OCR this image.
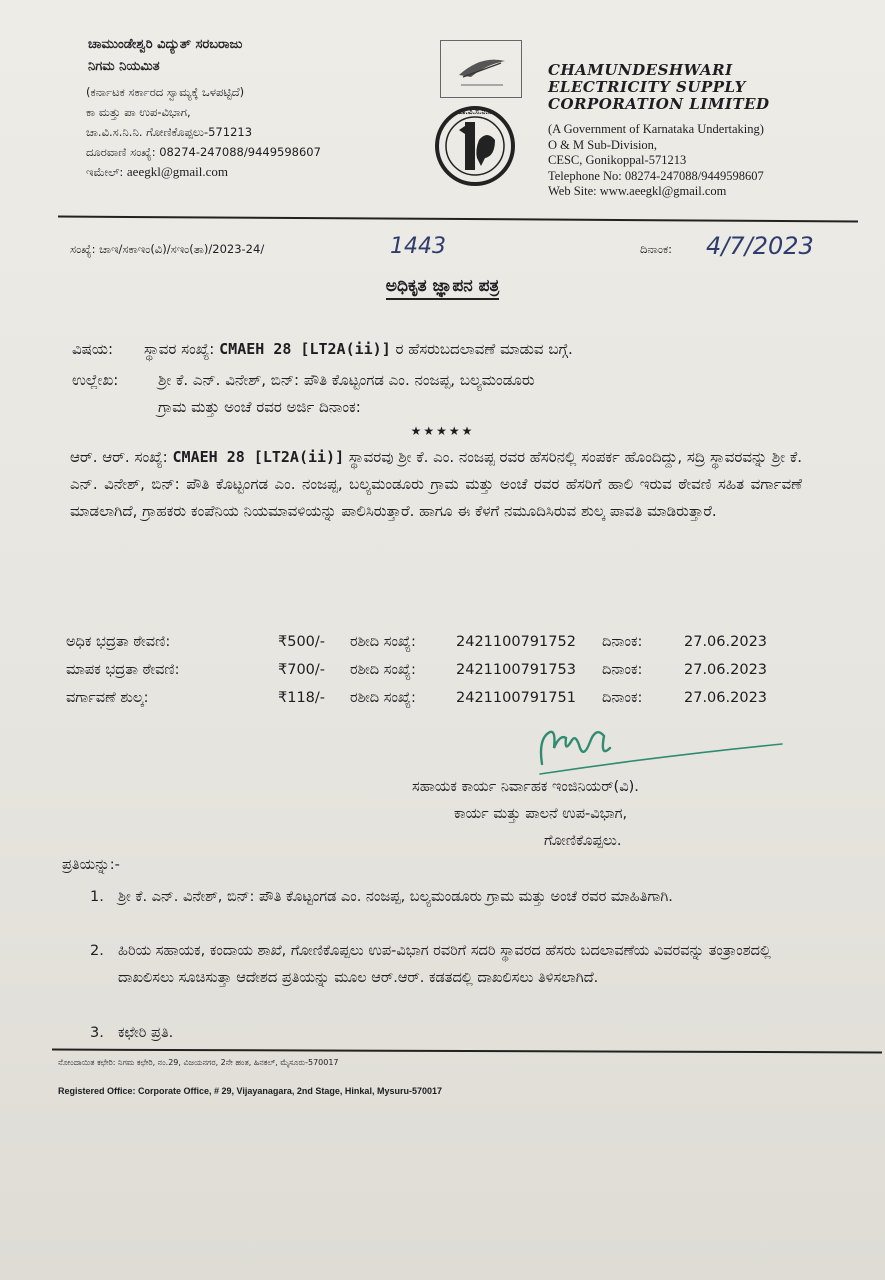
ಚಾಮುಂಡೇಶ್ವರಿ ವಿದ್ಯುತ್ ಸರಬರಾಜು
ನಿಗಮ ನಿಯಮಿತ
(ಕರ್ನಾಟಕ ಸರ್ಕಾರದ ಸ್ವಾಮ್ಯಕ್ಕೆ ಒಳಪಟ್ಟಿದೆ)
ಕಾ ಮತ್ತು ಪಾ ಉಪ-ವಿಭಾಗ,
ಚಾ.ವಿ.ಸ.ನಿ.ನಿ. ಗೋಣಿಕೊಪ್ಪಲು-571213
ದೂರವಾಣಿ ಸಂಖ್ಯೆ: 08274-247088/9449598607
ಇಮೇಲ್: aeegkl@gmail.com
ಚಾ.ವಿ.ಸ.ನಿ.ನಿ
CHAMUNDESHWARI
ELECTRICITY SUPPLY
CORPORATION LIMITED
(A Government of Karnataka Undertaking)
O & M Sub-Division,
CESC, Gonikoppal-571213
Telephone No: 08274-247088/9449598607
Web Site: www.aeegkl@gmail.com
ಸಂಖ್ಯೆ: ಚಾಇ/ಸಕಾಇಂ(ವಿ)/ಸಇಂ(ತಾ)/2023-24/	1443	ದಿನಾಂಕ: 4/7/2023
ಅಧಿಕೃತ ಜ್ಞಾಪನ ಪತ್ರ
ವಿಷಯ: ಸ್ಥಾವರ ಸಂಖ್ಯೆ: CMAEH 28 [LT2A(ii)] ರ ಹೆಸರುಬದಲಾವಣೆ ಮಾಡುವ ಬಗ್ಗೆ.
ಉಲ್ಲೇಖ:	ಶ್ರೀ ಕೆ. ಎನ್. ವಿನೇಶ್, ಬಿನ್: ಪೌತಿ ಕೊಟ್ಟಂಗಡ ಎಂ. ನಂಜಪ್ಪ, ಬಲ್ಯಮಂಡೂರು
ಗ್ರಾಮ ಮತ್ತು ಅಂಚೆ ರವರ ಅರ್ಜಿ ದಿನಾಂಕ:
★★★★★
ಆರ್. ಆರ್. ಸಂಖ್ಯೆ: CMAEH 28 [LT2A(ii)] ಸ್ಥಾವರವು ಶ್ರೀ ಕೆ. ಎಂ. ನಂಜಪ್ಪ ರವರ ಹೆಸರಿನಲ್ಲಿ ಸಂಪರ್ಕ ಹೊಂದಿದ್ದು, ಸದ್ರಿ ಸ್ಥಾವರವನ್ನು ಶ್ರೀ ಕೆ. ಎನ್. ವಿನೇಶ್, ಬಿನ್: ಪೌತಿ ಕೊಟ್ಟಂಗಡ ಎಂ. ನಂಜಪ್ಪ, ಬಲ್ಯಮಂಡೂರು ಗ್ರಾಮ ಮತ್ತು ಅಂಚೆ ರವರ ಹೆಸರಿಗೆ ಹಾಲಿ ಇರುವ ಠೇವಣಿ ಸಹಿತ ವರ್ಗಾವಣೆ ಮಾಡಲಾಗಿದೆ, ಗ್ರಾಹಕರು ಕಂಪೆನಿಯ ನಿಯಮಾವಳಿಯನ್ನು ಪಾಲಿಸಿರುತ್ತಾರೆ. ಹಾಗೂ ಈ ಕೆಳಗೆ ನಮೂದಿಸಿರುವ ಶುಲ್ಕ ಪಾವತಿ ಮಾಡಿರುತ್ತಾರೆ.
ಅಧಿಕ ಭದ್ರತಾ ಠೇವಣಿ:	₹500/- ರಶೀದಿ ಸಂಖ್ಯೆ:	2421100791752 ದಿನಾಂಕ:	27.06.2023
ಮಾಪಕ ಭದ್ರತಾ ಠೇವಣಿ:	₹700/- ರಶೀದಿ ಸಂಖ್ಯೆ:	2421100791753 ದಿನಾಂಕ:	27.06.2023
ವರ್ಗಾವಣೆ ಶುಲ್ಕ:	₹118/- ರಶೀದಿ ಸಂಖ್ಯೆ:	2421100791751 ದಿನಾಂಕ:	27.06.2023
ಸಹಾಯಕ ಕಾರ್ಯ ನಿರ್ವಾಹಕ ಇಂಜಿನಿಯರ್(ವಿ).
ಕಾರ್ಯ ಮತ್ತು ಪಾಲನೆ ಉಪ-ವಿಭಾಗ,
ಗೋಣಿಕೊಪ್ಪಲು.
ಪ್ರತಿಯನ್ನು:-
1. ಶ್ರೀ ಕೆ. ಎನ್. ವಿನೇಶ್, ಬಿನ್: ಪೌತಿ ಕೊಟ್ಟಂಗಡ ಎಂ. ನಂಜಪ್ಪ, ಬಲ್ಯಮಂಡೂರು ಗ್ರಾಮ ಮತ್ತು ಅಂಚೆ ರವರ ಮಾಹಿತಿಗಾಗಿ.
2. ಹಿರಿಯ ಸಹಾಯಕ, ಕಂದಾಯ ಶಾಖೆ, ಗೋಣಿಕೊಪ್ಪಲು ಉಪ-ವಿಭಾಗ ರವರಿಗೆ ಸದರಿ ಸ್ಥಾವರದ ಹೆಸರು ಬದಲಾವಣೆಯ ವಿವರವನ್ನು ತಂತ್ರಾಂಶದಲ್ಲಿ ದಾಖಲಿಸಲು ಸೂಚಿಸುತ್ತಾ ಆದೇಶದ ಪ್ರತಿಯನ್ನು ಮೂಲ ಆರ್.ಆರ್. ಕಡತದಲ್ಲಿ ದಾಖಲಿಸಲು ತಿಳಿಸಲಾಗಿದೆ.
3. ಕಛೇರಿ ಪ್ರತಿ.
ನೋಂದಾಯಿತ ಕಛೇರಿ: ನಿಗಮ ಕಛೇರಿ, ನಂ.29, ವಿಜಯನಗರ, 2ನೇ ಹಂತ, ಹಿನಕಲ್, ಮೈಸೂರು-570017
Registered Office: Corporate Office, # 29, Vijayanagara, 2nd Stage, Hinkal, Mysuru-570017
